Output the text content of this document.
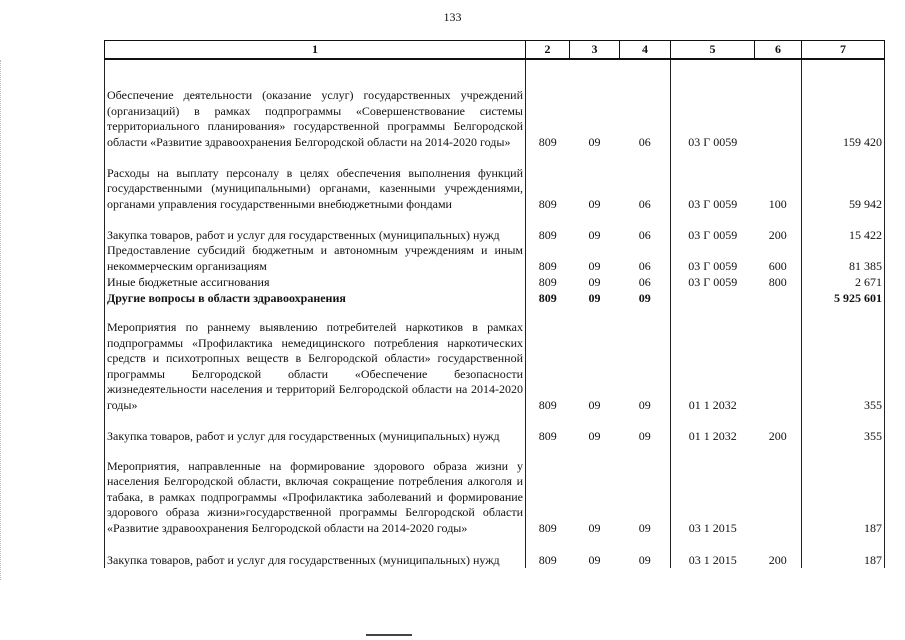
133
1	2	3	4	5	6	7
Обеспечение деятельности (оказание услуг) государственных учреждений (организаций) в рамках подпрограммы «Совершенствование системы территориального планирования» государственной программы Белгородской области «Развитие здравоохранения Белгородской области на 2014-2020 годы»	809	09	06	03 Г 0059		159 420
Расходы на выплату персоналу в целях обеспечения выполнения функций государственными (муниципальными) органами, казенными учреждениями, органами управления государственными внебюджетными фондами	809	09	06	03 Г 0059	100	59 942
Закупка товаров, работ и услуг для государственных (муниципальных) нужд	809	09	06	03 Г 0059	200	15 422
Предоставление субсидий бюджетным и автономным учреждениям и иным некоммерческим организациям	809	09	06	03 Г 0059	600	81 385
Иные бюджетные ассигнования	809	09	06	03 Г 0059	800	2 671
Другие вопросы в области здравоохранения	809	09	09			5 925 601
Мероприятия по раннему выявлению потребителей наркотиков в рамках подпрограммы «Профилактика немедицинского потребления наркотических средств и психотропных веществ в Белгородской области» государственной программы Белгородской области «Обеспечение безопасности жизнедеятельности населения и территорий Белгородской области на 2014-2020 годы»	809	09	09	01 1 2032		355
Закупка товаров, работ и услуг для государственных (муниципальных) нужд	809	09	09	01 1 2032	200	355
Мероприятия, направленные на формирование здорового образа жизни у населения Белгородской области, включая сокращение потребления алкоголя и табака, в рамках подпрограммы «Профилактика заболеваний и формирование здорового образа жизни»государственной программы Белгородской области «Развитие здравоохранения Белгородской области на 2014-2020 годы»	809	09	09	03 1 2015		187
Закупка товаров, работ и услуг для государственных (муниципальных) нужд	809	09	09	03 1 2015	200	187
